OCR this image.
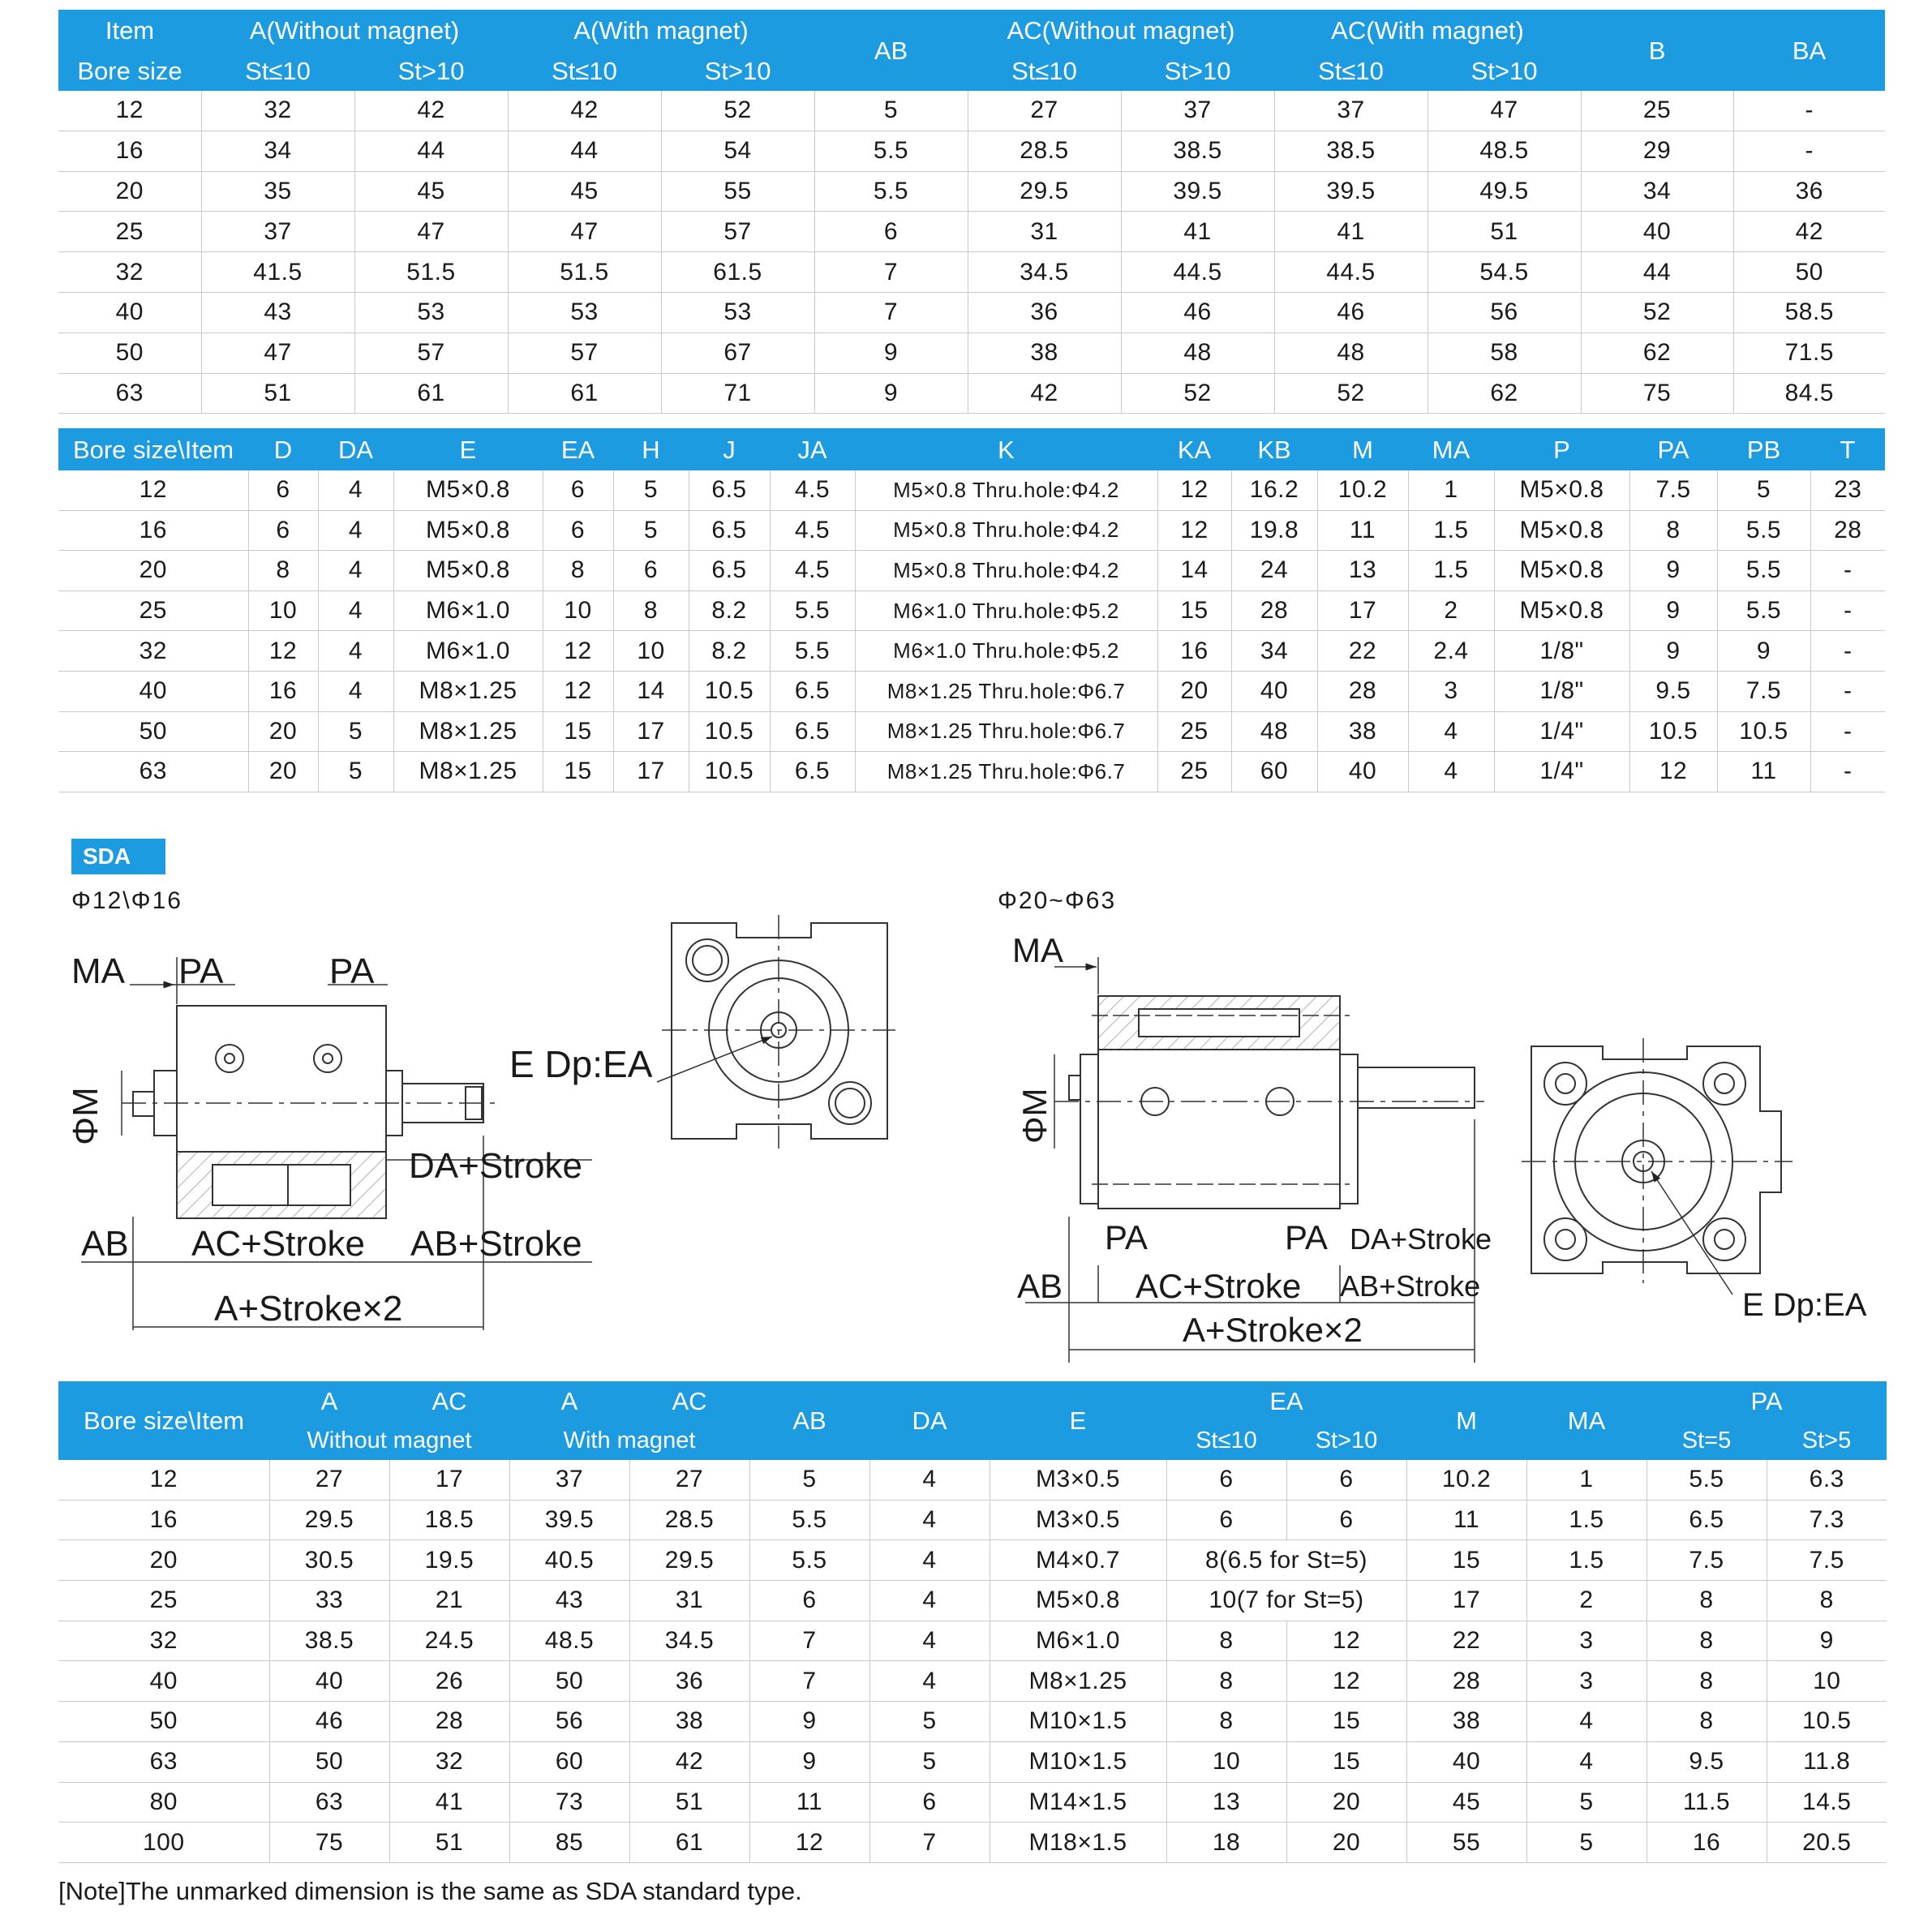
Item	A(Without magnet)		A(With magnet)		AB	AC(Without magnet)		AC(With magnet)		B	BA
Bore size	St≤10	St>10	St≤10	St>10		St≤10	St>10	St≤10	St>10		
12	32	42	42	52	5	27	37	37	47	25	-
16	34	44	44	54	5.5	28.5	38.5	38.5	48.5	29	-
20	35	45	45	55	5.5	29.5	39.5	39.5	49.5	34	36
25	37	47	47	57	6	31	41	41	51	40	42
32	41.5	51.5	51.5	61.5	7	34.5	44.5	44.5	54.5	44	50
40	43	53	53	53	7	36	46	46	56	52	58.5
50	47	57	57	67	9	38	48	48	58	62	71.5
63	51	61	61	71	9	42	52	52	62	75	84.5
Bore size\Item	D	DA	E	EA	H	J	JA	K	KA	KB	M	MA	P	PA	PB	T
12	6	4	M5×0.8	6	5	6.5	4.5	M5×0.8 Thru.hole:Φ4.2	12	16.2	10.2	1	M5×0.8	7.5	5	23
16	6	4	M5×0.8	6	5	6.5	4.5	M5×0.8 Thru.hole:Φ4.2	12	19.8	11	1.5	M5×0.8	8	5.5	28
20	8	4	M5×0.8	8	6	6.5	4.5	M5×0.8 Thru.hole:Φ4.2	14	24	13	1.5	M5×0.8	9	5.5	-
25	10	4	M6×1.0	10	8	8.2	5.5	M6×1.0 Thru.hole:Φ5.2	15	28	17	2	M5×0.8	9	5.5	-
32	12	4	M6×1.0	12	10	8.2	5.5	M6×1.0 Thru.hole:Φ5.2	16	34	22	2.4	1/8"	9	9	-
40	16	4	M8×1.25	12	14	10.5	6.5	M8×1.25 Thru.hole:Φ6.7	20	40	28	3	1/8"	9.5	7.5	-
50	20	5	M8×1.25	15	17	10.5	6.5	M8×1.25 Thru.hole:Φ6.7	25	48	38	4	1/4"	10.5	10.5	-
63	20	5	M8×1.25	15	17	10.5	6.5	M8×1.25 Thru.hole:Φ6.7	25	60	40	4	1/4"	12	11	-
SDA
Φ12\Φ16	Φ20~Φ63
MA PA	PA
ΦM
DA+Stroke
AB AC+Stroke AB+Stroke
A+Stroke×2
E Dp:EA
MA
ΦM
PA	PA DA+Stroke
AB AC+Stroke AB+Stroke
A+Stroke×2
E Dp:EA
Bore size\Item	A	AC	A	AC	AB	DA	E	EA		M	MA	PA	
	Without magnet		With magnet					St≤10	St>10			St=5	St>5
12	27	17	37	27	5	4	M3×0.5	6	6	10.2	1	5.5	6.3
16	29.5	18.5	39.5	28.5	5.5	4	M3×0.5	6	6	11	1.5	6.5	7.3
20	30.5	19.5	40.5	29.5	5.5	4	M4×0.7	8(6.5 for St=5)		15	1.5	7.5	7.5
25	33	21	43	31	6	4	M5×0.8	10(7 for St=5)		17	2	8	8
32	38.5	24.5	48.5	34.5	7	4	M6×1.0	8	12	22	3	8	9
40	40	26	50	36	7	4	M8×1.25	8	12	28	3	8	10
50	46	28	56	38	9	5	M10×1.5	8	15	38	4	8	10.5
63	50	32	60	42	9	5	M10×1.5	10	15	40	4	9.5	11.8
80	63	41	73	51	11	6	M14×1.5	13	20	45	5	11.5	14.5
100	75	51	85	61	12	7	M18×1.5	18	20	55	5	16	20.5
[Note]The unmarked dimension is the same as SDA standard type.
